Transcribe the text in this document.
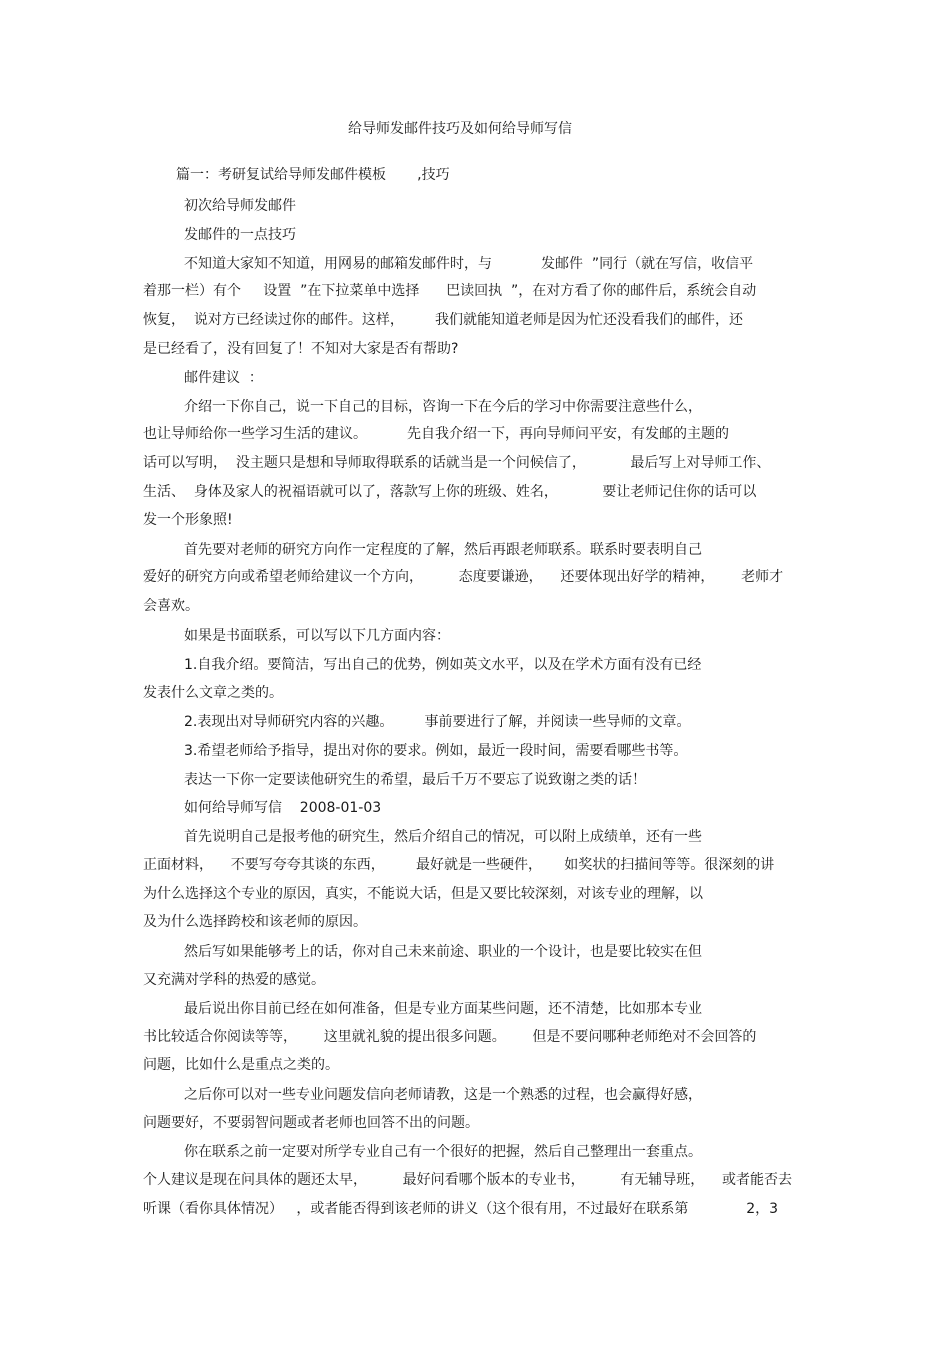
给导师发邮件技巧及如何给导师写信
篇一：考研复试给导师发邮件模板       ,技巧
初次给导师发邮件
发邮件的一点技巧
不知道大家知不知道，用网易的邮箱发邮件时，与           发邮件  ”同行（就在写信，收信平
着那一栏）有个     设置  ”在下拉菜单中选择      巴读回执  ”，在对方看了你的邮件后，系统会自动
恢复，  说对方已经读过你的邮件。这样，       我们就能知道老师是因为忙还没看我们的邮件，还
是已经看了，没有回复了！不知对大家是否有帮助?
邮件建议  ：
介绍一下你自己，说一下自己的目标，咨询一下在今后的学习中你需要注意些什么，
也让导师给你一些学习生活的建议。         先自我介绍一下，再向导师问平安，有发邮的主题的
话可以写明，  没主题只是想和导师取得联系的话就当是一个问候信了，          最后写上对导师工作、
生活、  身体及家人的祝福语就可以了，落款写上你的班级、姓名，          要让老师记住你的话可以
发一个形象照!
首先要对老师的研究方向作一定程度的了解，然后再跟老师联系。联系时要表明自己
爱好的研究方向或希望老师给建议一个方向，        态度要谦逊，    还要体现出好学的精神，      老师才
会喜欢。
如果是书面联系，可以写以下几方面内容：
1.自我介绍。要简洁，写出自己的优势，例如英文水平，以及在学术方面有没有已经
发表什么文章之类的。
2.表现出对导师研究内容的兴趣。       事前要进行了解，并阅读一些导师的文章。
3.希望老师给予指导，提出对你的要求。例如，最近一段时间，需要看哪些书等。
表达一下你一定要读他研究生的希望，最后千万不要忘了说致谢之类的话！
如何给导师写信    2008-01-03
首先说明自己是报考他的研究生，然后介绍自己的情况，可以附上成绩单，还有一些
正面材料，    不要写夸夸其谈的东西，       最好就是一些硬件，     如奖状的扫描间等等。很深刻的讲
为什么选择这个专业的原因，真实，不能说大话，但是又要比较深刻，对该专业的理解，以
及为什么选择跨校和该老师的原因。
然后写如果能够考上的话，你对自己未来前途、职业的一个设计，也是要比较实在但
又充满对学科的热爱的感觉。
最后说出你目前已经在如何准备，但是专业方面某些问题，还不清楚，比如那本专业
书比较适合你阅读等等，      这里就礼貌的提出很多问题。      但是不要问哪种老师绝对不会回答的
问题，比如什么是重点之类的。
之后你可以对一些专业问题发信向老师请教，这是一个熟悉的过程，也会赢得好感，
问题要好，不要弱智问题或者老师也回答不出的问题。
你在联系之前一定要对所学专业自己有一个很好的把握，然后自己整理出一套重点。
个人建议是现在问具体的题还太早，        最好问看哪个版本的专业书，        有无辅导班，    或者能否去
听课（看你具体情况）   ，或者能否得到该老师的讲义（这个很有用，不过最好在联系第             2，3
